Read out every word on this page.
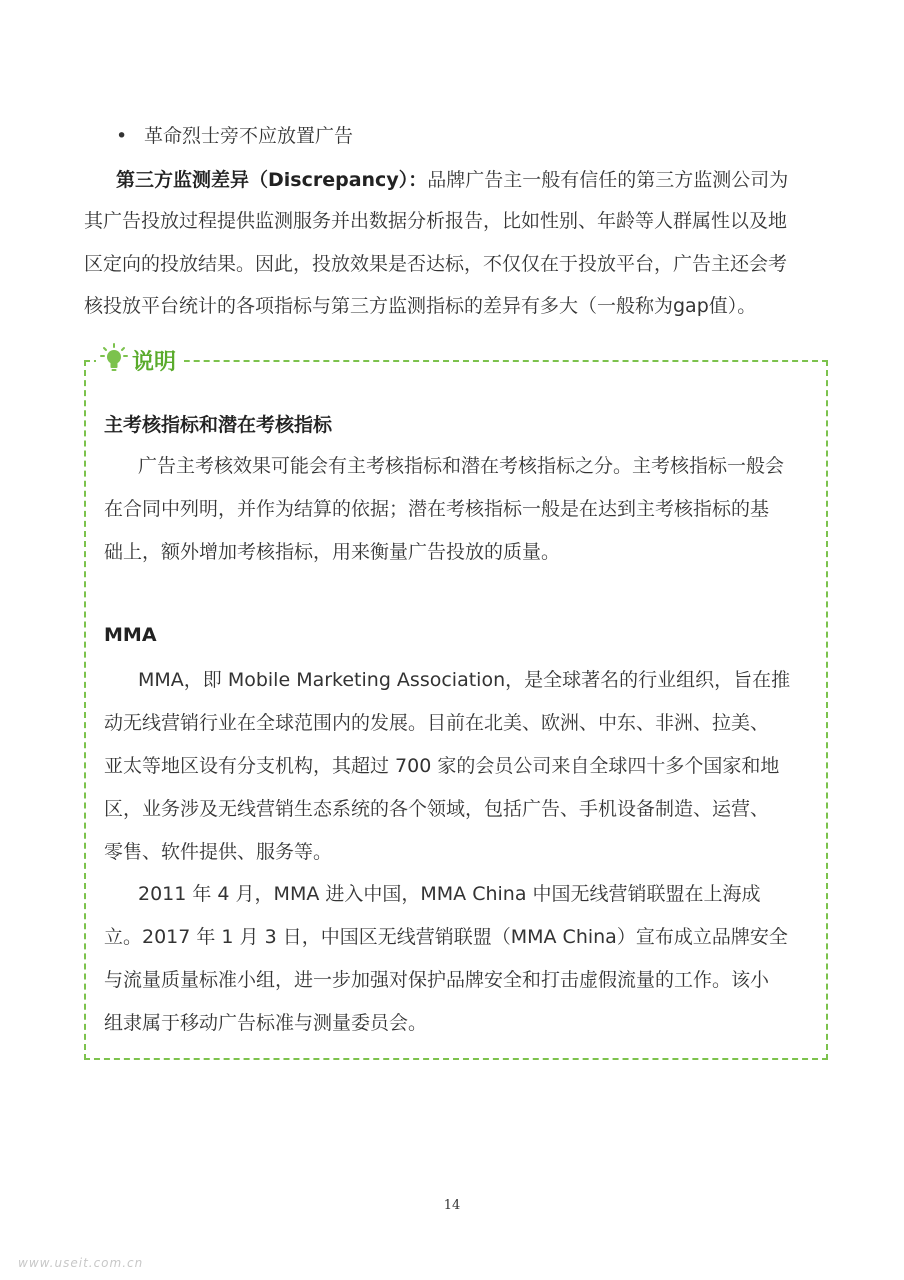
• 革命烈士旁不应放置广告
第三方监测差异（Discrepancy）：品牌广告主一般有信任的第三方监测公司为
其广告投放过程提供监测服务并出数据分析报告，比如性别、年龄等人群属性以及地
区定向的投放结果。因此，投放效果是否达标，不仅仅在于投放平台，广告主还会考
核投放平台统计的各项指标与第三方监测指标的差异有多大（一般称为gap值）。
说明
主考核指标和潜在考核指标
广告主考核效果可能会有主考核指标和潜在考核指标之分。主考核指标一般会
在合同中列明，并作为结算的依据；潜在考核指标一般是在达到主考核指标的基
础上，额外增加考核指标，用来衡量广告投放的质量。
MMA
MMA，即 Mobile Marketing Association，是全球著名的行业组织，旨在推
动无线营销行业在全球范围内的发展。目前在北美、欧洲、中东、非洲、拉美、
亚太等地区设有分支机构，其超过 700 家的会员公司来自全球四十多个国家和地
区，业务涉及无线营销生态系统的各个领域，包括广告、手机设备制造、运营、
零售、软件提供、服务等。
2011 年 4 月，MMA 进入中国，MMA China 中国无线营销联盟在上海成
立。2017 年 1 月 3 日，中国区无线营销联盟（MMA China）宣布成立品牌安全
与流量质量标准小组，进一步加强对保护品牌安全和打击虚假流量的工作。该小
组隶属于移动广告标准与测量委员会。
14
www.useit.com.cn
